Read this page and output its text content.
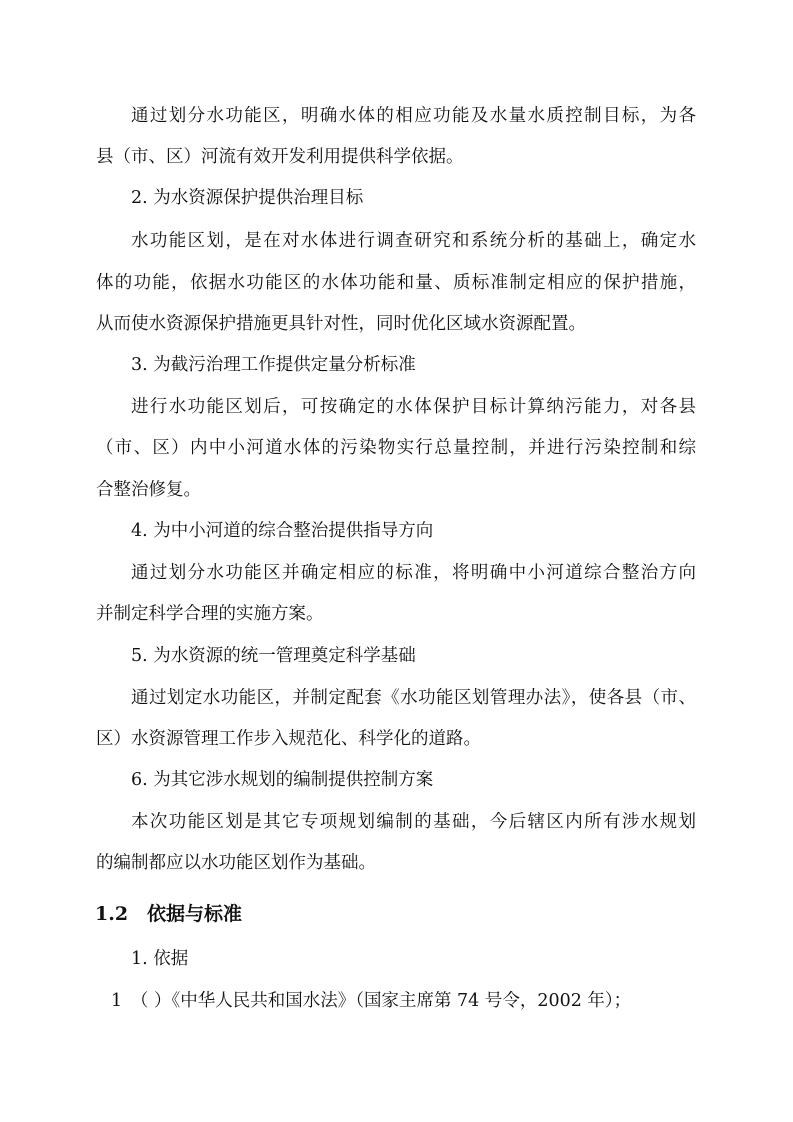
通过划分水功能区，明确水体的相应功能及水量水质控制目标，为各
县（市、区）河流有效开发利用提供科学依据。
2. 为水资源保护提供治理目标
水功能区划，是在对水体进行调查研究和系统分析的基础上，确定水
体的功能，依据水功能区的水体功能和量、质标准制定相应的保护措施，
从而使水资源保护措施更具针对性，同时优化区域水资源配置。
3. 为截污治理工作提供定量分析标准
进行水功能区划后，可按确定的水体保护目标计算纳污能力，对各县
（市、区）内中小河道水体的污染物实行总量控制，并进行污染控制和综
合整治修复。
4. 为中小河道的综合整治提供指导方向
通过划分水功能区并确定相应的标准，将明确中小河道综合整治方向
并制定科学合理的实施方案。
5. 为水资源的统一管理奠定科学基础
通过划定水功能区，并制定配套《水功能区划管理办法》，使各县（市、
区）水资源管理工作步入规范化、科学化的道路。
6. 为其它涉水规划的编制提供控制方案
本次功能区划是其它专项规划编制的基础，今后辖区内所有涉水规划
的编制都应以水功能区划作为基础。
1.2 依据与标准
1. 依据
1　（ ）《中华人民共和国水法》（国家主席第 74 号令，2002 年）；
